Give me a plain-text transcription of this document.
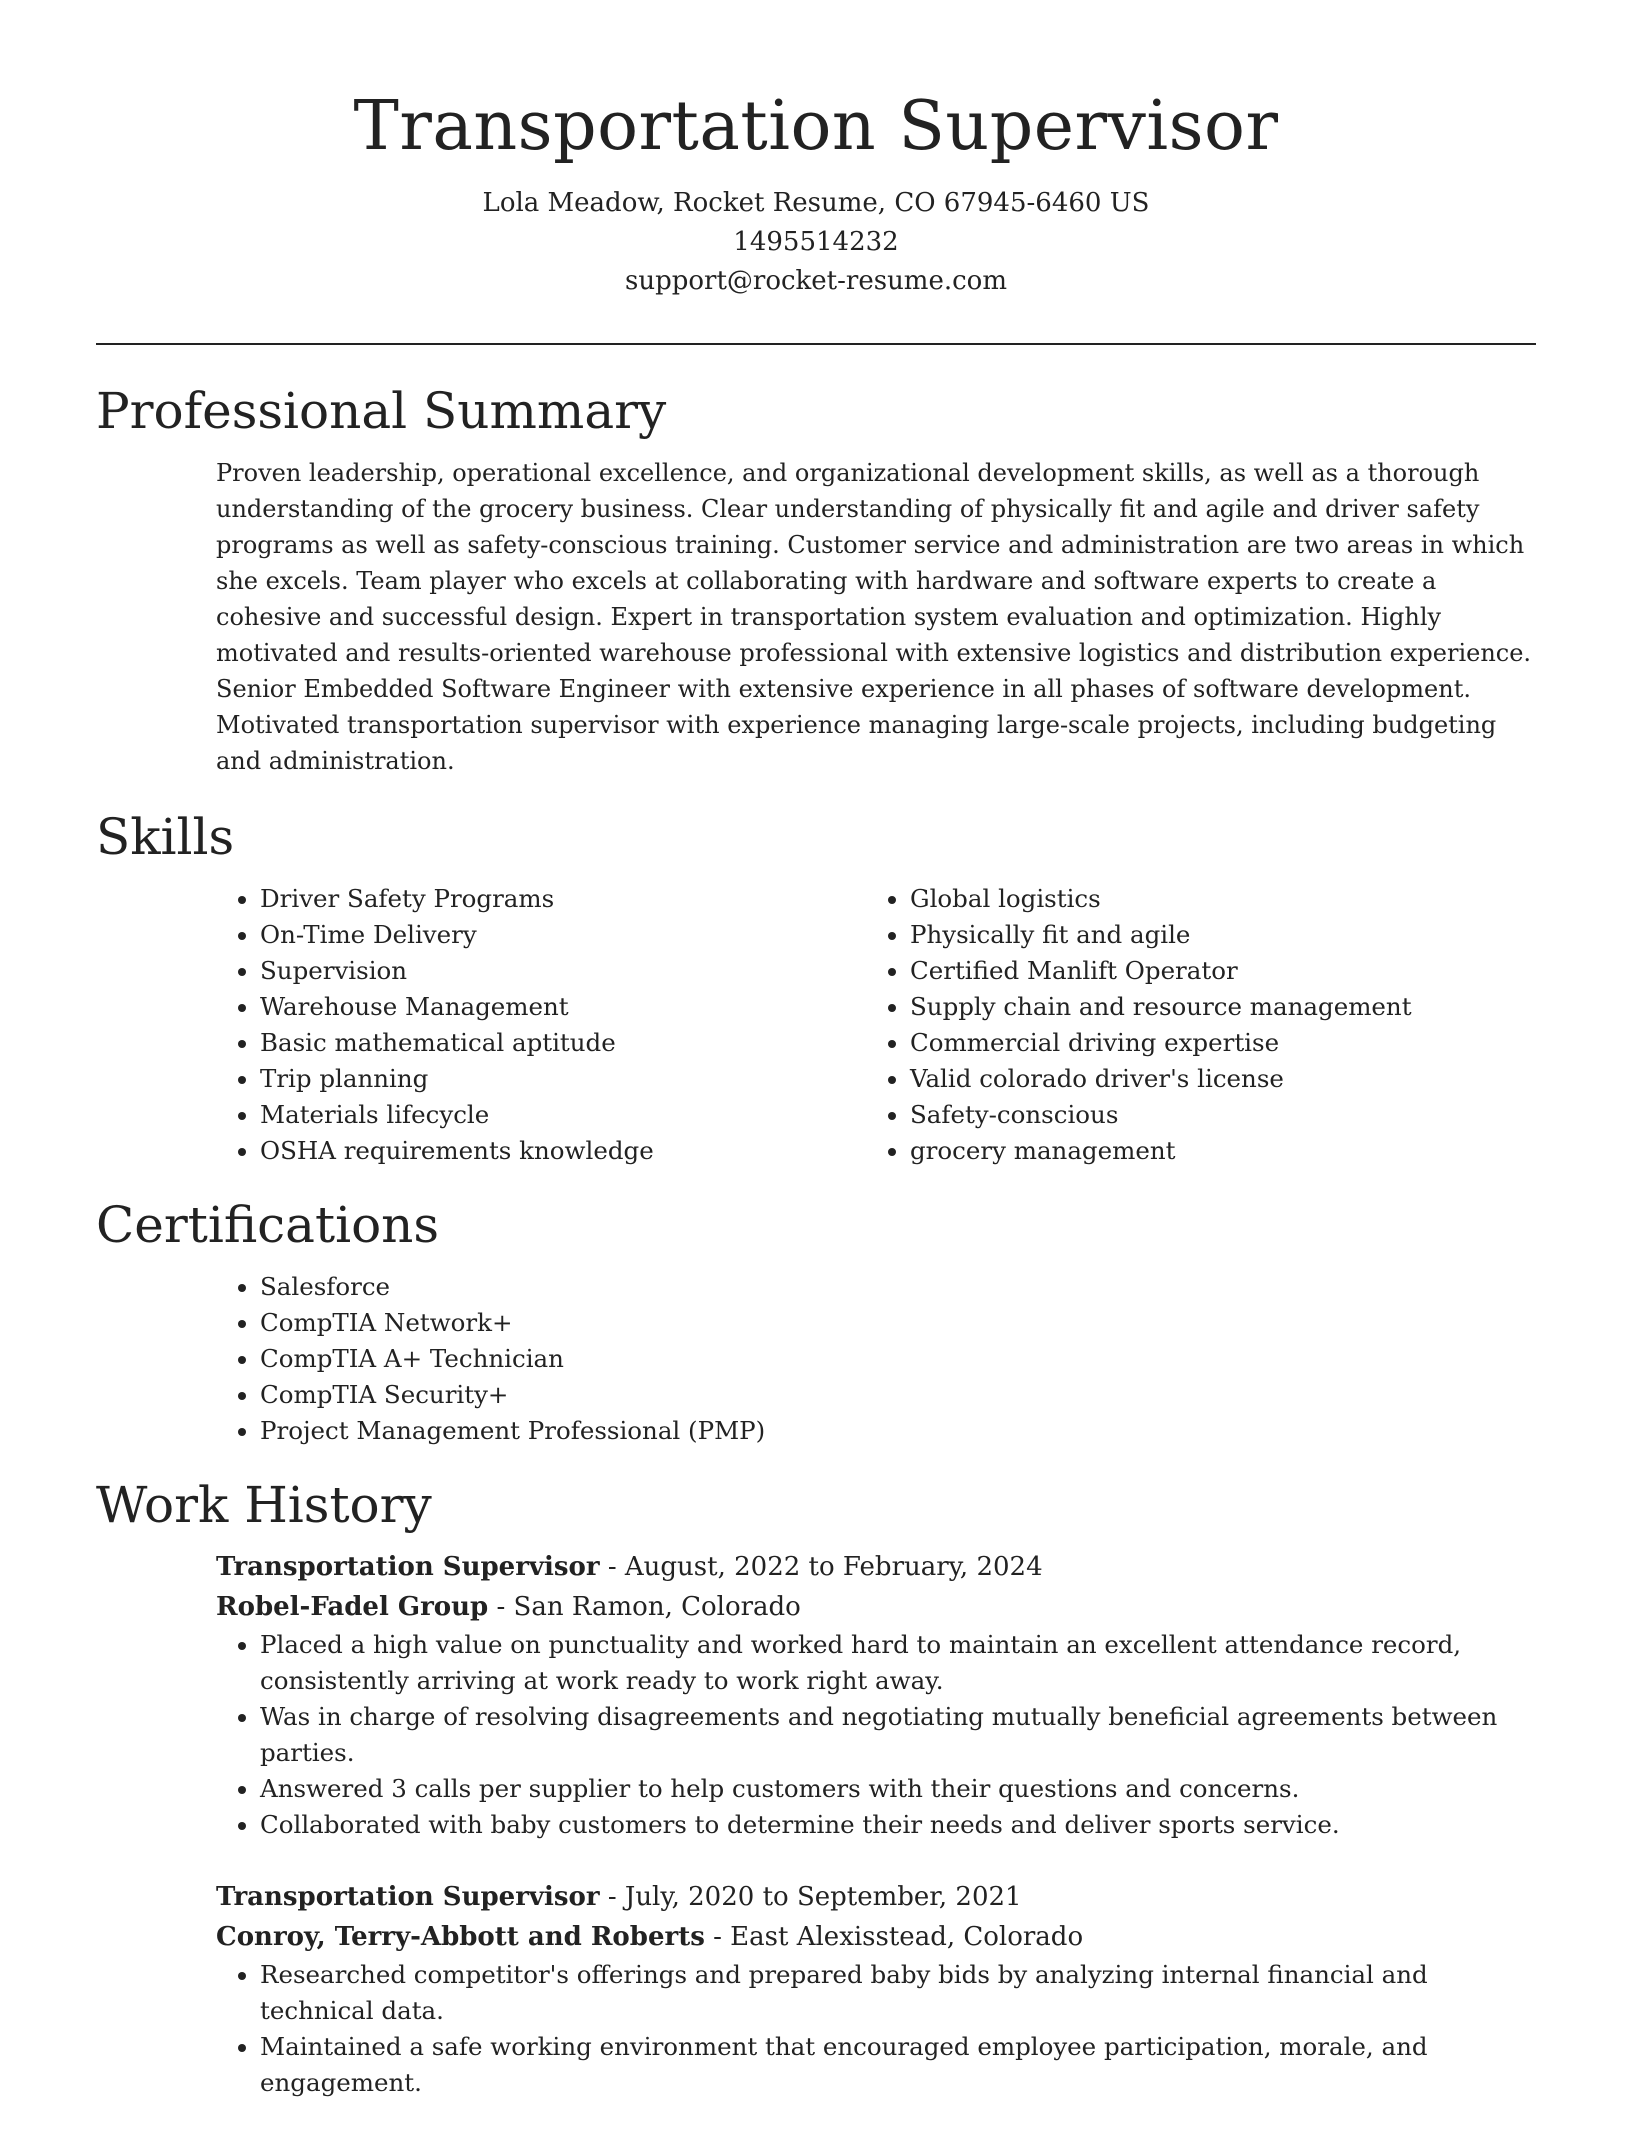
Transportation Supervisor
Lola Meadow, Rocket Resume, CO 67945-6460 US
1495514232
support@rocket-resume.com
Professional Summary

Proven leadership, operational excellence, and organizational development skills, as well as a thorough understanding of the grocery business. Clear understanding of physically fit and agile and driver safety programs as well as safety-conscious training. Customer service and administration are two areas in which she excels. Team player who excels at collaborating with hardware and software experts to create a cohesive and successful design. Expert in transportation system evaluation and optimization. Highly motivated and results-oriented warehouse professional with extensive logistics and distribution experience. Senior Embedded Software Engineer with extensive experience in all phases of software development. Motivated transportation supervisor with experience managing large-scale projects, including budgeting and administration.

Skills
• Driver Safety Programs
• On-Time Delivery
• Supervision
• Warehouse Management
• Basic mathematical aptitude
• Trip planning
• Materials lifecycle
• OSHA requirements knowledge
• Global logistics
• Physically fit and agile
• Certified Manlift Operator
• Supply chain and resource management
• Commercial driving expertise
• Valid colorado driver's license
• Safety-conscious
• grocery management
Certifications
• Salesforce
• CompTIA Network+
• CompTIA A+ Technician
• CompTIA Security+
• Project Management Professional (PMP)
Work History
Transportation Supervisor - August, 2022 to February, 2024
Robel-Fadel Group - San Ramon, Colorado
• Placed a high value on punctuality and worked hard to maintain an excellent attendance record, consistently arriving at work ready to work right away.
• Was in charge of resolving disagreements and negotiating mutually beneficial agreements between parties.
• Answered 3 calls per supplier to help customers with their questions and concerns.
• Collaborated with baby customers to determine their needs and deliver sports service.
Transportation Supervisor - July, 2020 to September, 2021
Conroy, Terry-Abbott and Roberts - East Alexisstead, Colorado
• Researched competitor's offerings and prepared baby bids by analyzing internal financial and technical data.
• Maintained a safe working environment that encouraged employee participation, morale, and engagement.
